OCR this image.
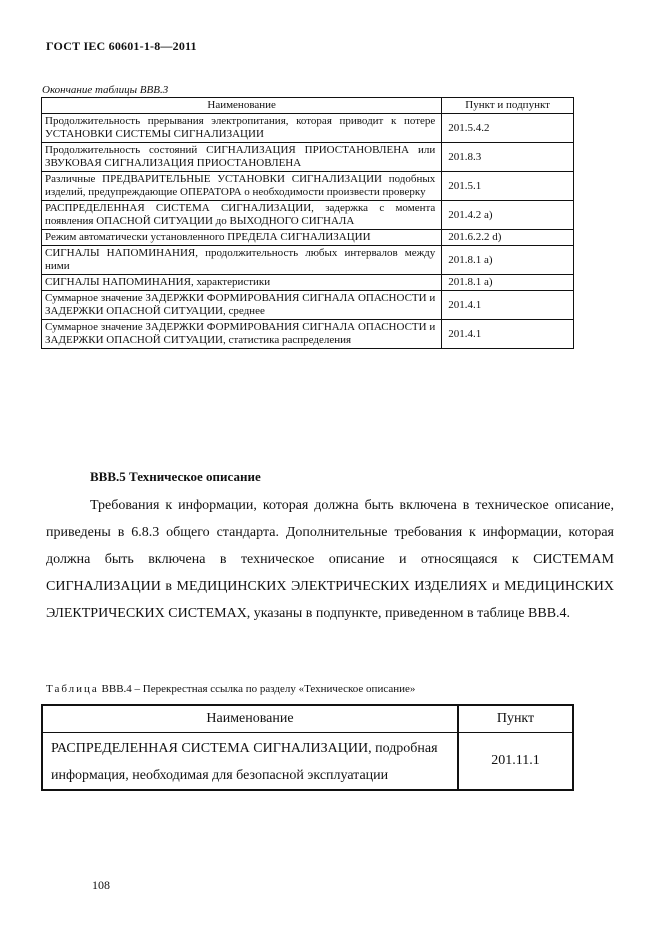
ГОСТ IEC 60601-1-8—2011
Окончание таблицы ВВВ.3
Наименование	Пункт и подпункт
Продолжительность прерывания электропитания, которая приводит к потере УСТАНОВКИ СИСТЕМЫ СИГНАЛИЗАЦИИ	201.5.4.2
Продолжительность состояний СИГНАЛИЗАЦИЯ ПРИОСТАНОВЛЕНА или ЗВУКОВАЯ СИГНАЛИЗАЦИЯ ПРИОСТАНОВЛЕНА	201.8.3
Различные ПРЕДВАРИТЕЛЬНЫЕ УСТАНОВКИ СИГНАЛИЗАЦИИ подобных изделий, предупреждающие ОПЕРАТОРА о необходимости произвести проверку	201.5.1
РАСПРЕДЕЛЕННАЯ СИСТЕМА СИГНАЛИЗАЦИИ, задержка с момента появления ОПАСНОЙ СИТУАЦИИ до ВЫХОДНОГО СИГНАЛА	201.4.2 а)
Режим автоматически установленного ПРЕДЕЛА СИГНАЛИЗАЦИИ	201.6.2.2 d)
СИГНАЛЫ НАПОМИНАНИЯ, продолжительность любых интервалов между ними	201.8.1 а)
СИГНАЛЫ НАПОМИНАНИЯ, характеристики	201.8.1 а)
Суммарное значение ЗАДЕРЖКИ ФОРМИРОВАНИЯ СИГНАЛА ОПАСНОСТИ и ЗАДЕРЖКИ ОПАСНОЙ СИТУАЦИИ, среднее	201.4.1
Суммарное значение ЗАДЕРЖКИ ФОРМИРОВАНИЯ СИГНАЛА ОПАСНОСТИ и ЗАДЕРЖКИ ОПАСНОЙ СИТУАЦИИ, статистика распределения	201.4.1
ВВВ.5 Техническое описание

Требования к информации, которая должна быть включена в техническое описание, приведены в 6.8.3 общего стандарта. Дополнительные требования к информации, которая должна быть включена в техническое описание и относящаяся к СИСТЕМАМ СИГНАЛИЗАЦИИ в МЕДИЦИНСКИХ ЭЛЕКТРИЧЕСКИХ ИЗДЕЛИЯХ и МЕДИЦИНСКИХ ЭЛЕКТРИЧЕСКИХ СИСТЕМАХ, указаны в подпункте, приведенном в таблице ВВВ.4.

Таблица ВВВ.4 – Перекрестная ссылка по разделу «Техническое описание»
Наименование	Пункт
РАСПРЕДЕЛЕННАЯ СИСТЕМА СИГНАЛИЗАЦИИ, подробная информация, необходимая для безопасной эксплуатации	201.11.1
108
